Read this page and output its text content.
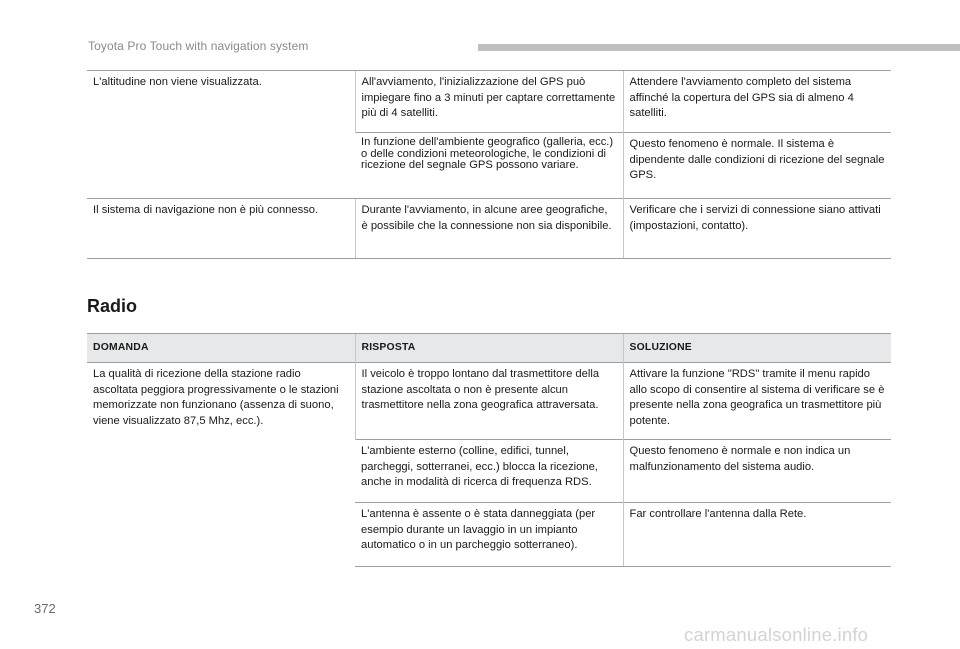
Toyota Pro Touch with navigation system
L'altitudine non viene visualizzata.	All'avviamento, l'inizializzazione del GPS può impiegare fino a 3 minuti per captare correttamente più di 4 satelliti.	Attendere l'avviamento completo del sistema affinché la copertura del GPS sia di almeno 4 satelliti.
	In funzione dell'ambiente geografico (galleria, ecc.) o delle condizioni meteorologiche, le condizioni di ricezione del segnale GPS possono variare.	Questo fenomeno è normale. Il sistema è dipendente dalle condizioni di ricezione del segnale GPS.
Il sistema di navigazione non è più connesso.	Durante l'avviamento, in alcune aree geografiche, è possibile che la connessione non sia disponibile.	Verificare che i servizi di connessione siano attivati (impostazioni, contatto).
Radio
DOMANDA	RISPOSTA	SOLUZIONE
La qualità di ricezione della stazione radio ascoltata peggiora progressivamente o le stazioni memorizzate non funzionano (assenza di suono, viene visualizzato 87,5 Mhz, ecc.).	Il veicolo è troppo lontano dal trasmettitore della stazione ascoltata o non è presente alcun trasmettitore nella zona geografica attraversata.	Attivare la funzione "RDS" tramite il menu rapido allo scopo di consentire al sistema di verificare se è presente nella zona geografica un trasmettitore più potente.
	L'ambiente esterno (colline, edifici, tunnel, parcheggi, sotterranei, ecc.) blocca la ricezione, anche in modalità di ricerca di frequenza RDS.	Questo fenomeno è normale e non indica un malfunzionamento del sistema audio.
	L'antenna è assente o è stata danneggiata (per esempio durante un lavaggio in un impianto automatico o in un parcheggio sotterraneo).	Far controllare l'antenna dalla Rete.
372
carmanualsonline.info
